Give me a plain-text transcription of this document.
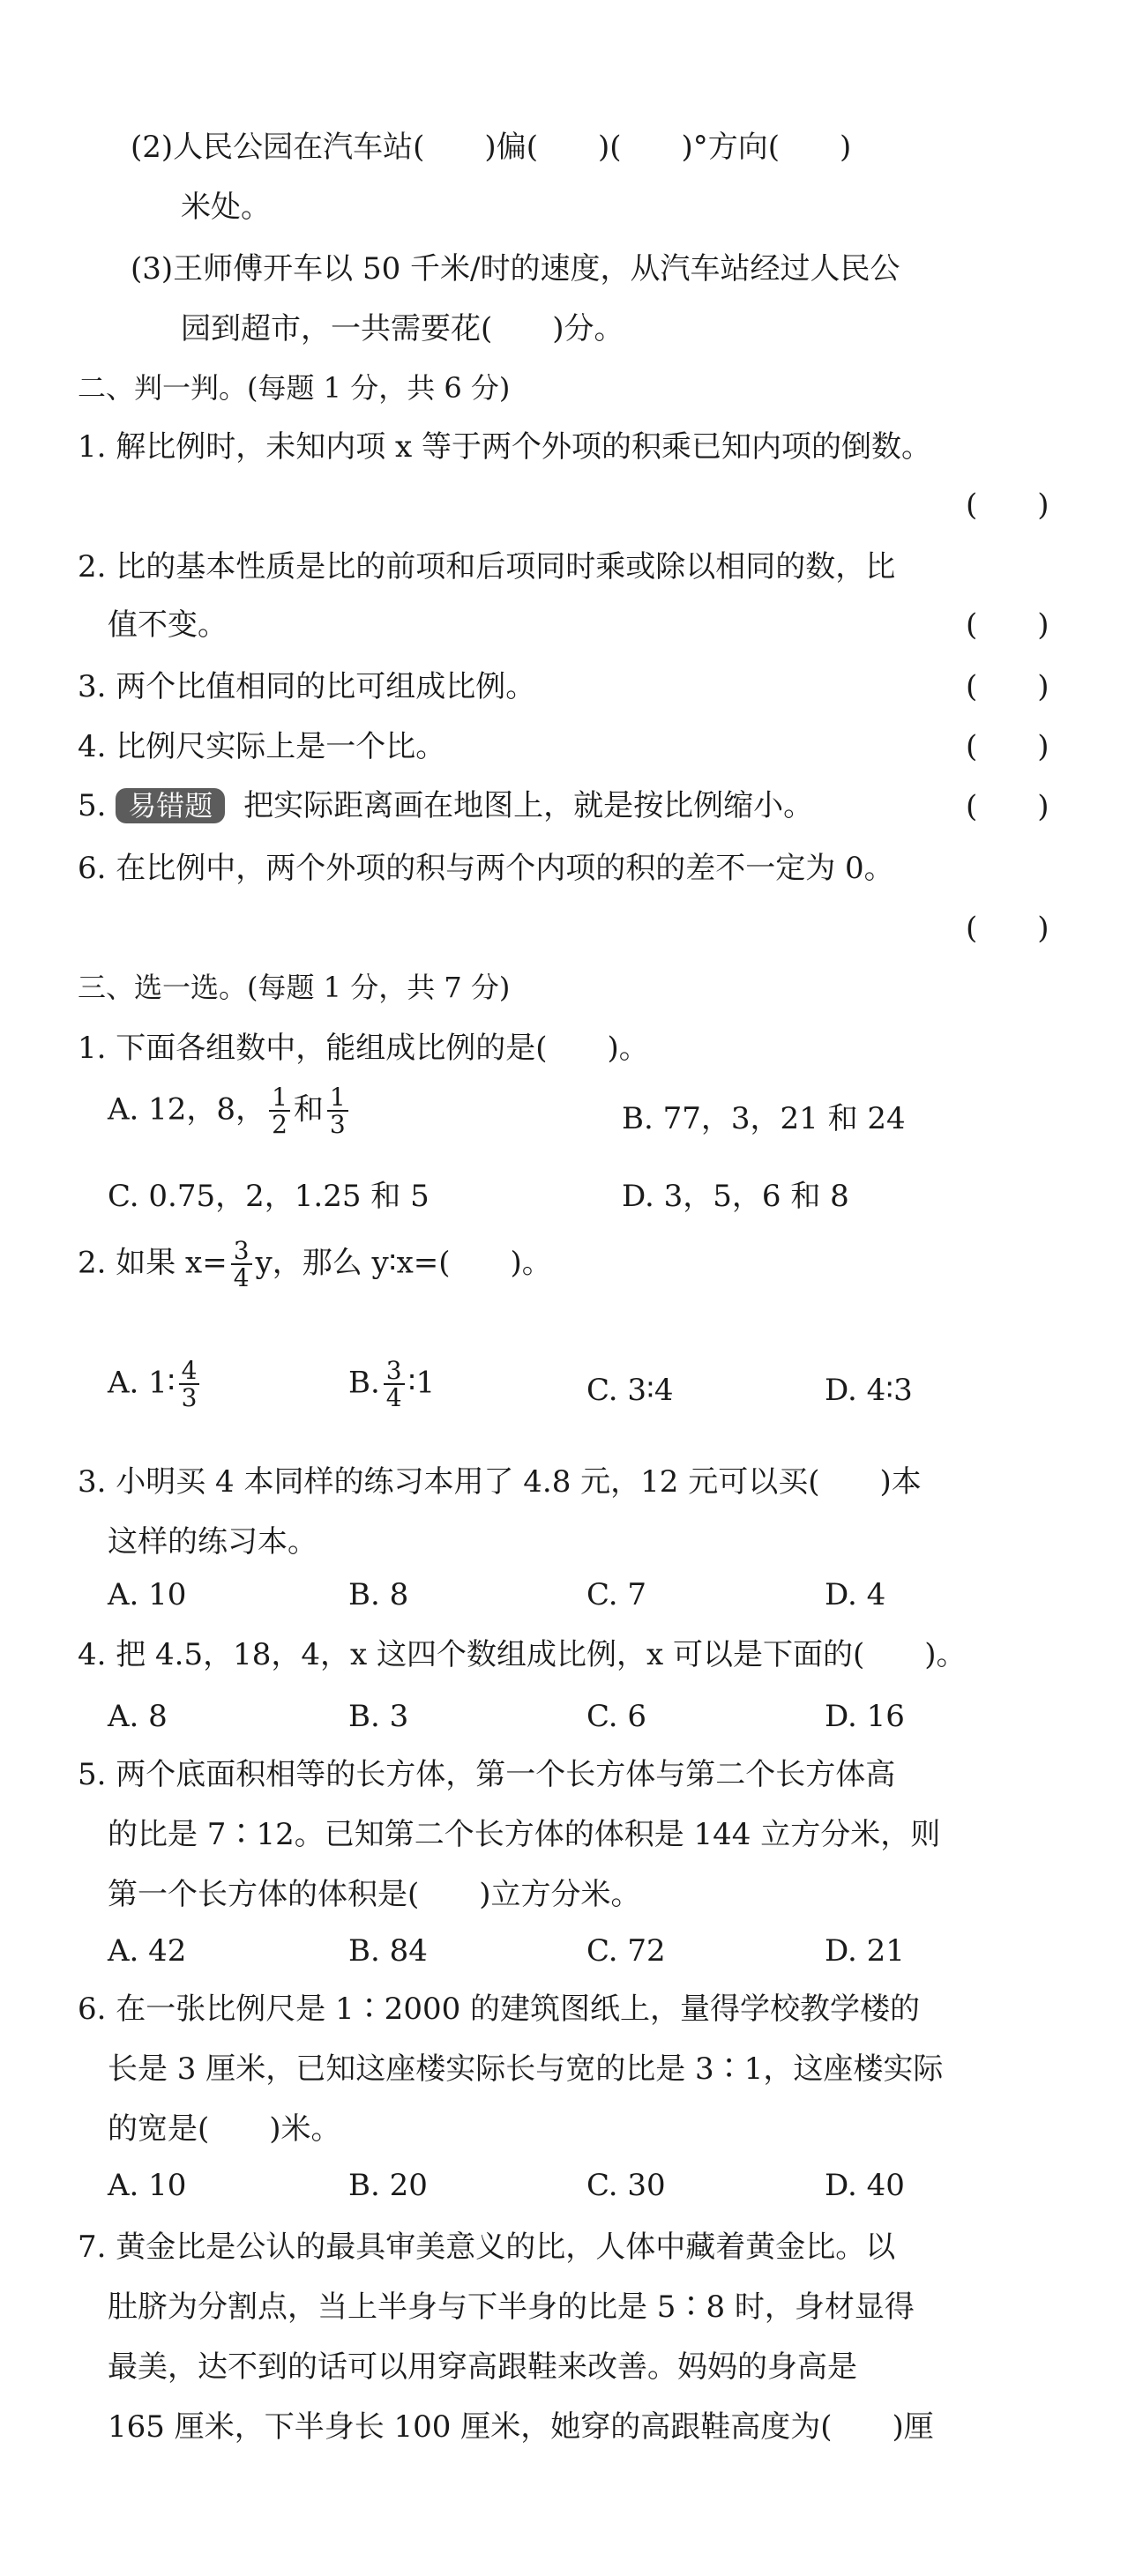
(2)人民公园在汽车站(　　)偏(　　)(　　)°方向(　　)
米处。
(3)王师傅开车以 50 千米/时的速度，从汽车站经过人民公
园到超市，一共需要花(　　)分。
二、判一判。(每题 1 分，共 6 分)
1. 解比例时，未知内项 x 等于两个外项的积乘已知内项的倒数。
(　　)
2. 比的基本性质是比的前项和后项同时乘或除以相同的数，比
值不变。	(　　)
3. 两个比值相同的比可组成比例。	(　　)
4. 比例尺实际上是一个比。	(　　)
5. 易错题 把实际距离画在地图上，就是按比例缩小。	(　　)
6. 在比例中，两个外项的积与两个内项的积的差不一定为 0。
(　　)
三、选一选。(每题 1 分，共 7 分)
1. 下面各组数中，能组成比例的是(　　)。
A. 12，8， $\frac{1}{2}$ 和 $\frac{1}{3}$	B. 77，3，21 和 24
C. 0.75，2，1.25 和 5	D. 3，5，6 和 8
2. 如果 $x= \frac{3}{4}$ y，那么 y∶x=(　　)。
A. 1∶ $\frac{4}{3}$	B. $\frac{3}{4}$ ∶1	C. 3∶4	D. 4∶3
3. 小明买 4 本同样的练习本用了 4.8 元，12 元可以买(　　)本
这样的练习本。
A. 10	B. 8	C. 7	D. 4
4. 把 4.5，18，4，x 这四个数组成比例，x 可以是下面的(　　)。
A. 8	B. 3	C. 6	D. 16
5. 两个底面积相等的长方体，第一个长方体与第二个长方体高
的比是 7∶12。已知第二个长方体的体积是 144 立方分米，则
第一个长方体的体积是(　　)立方分米。
A. 42	B. 84	C. 72	D. 21
6. 在一张比例尺是 1∶2000 的建筑图纸上，量得学校教学楼的
长是 3 厘米，已知这座楼实际长与宽的比是 3∶1，这座楼实际
的宽是(　　)米。
A. 10	B. 20	C. 30	D. 40
7. 黄金比是公认的最具审美意义的比，人体中藏着黄金比。以
肚脐为分割点，当上半身与下半身的比是 5∶8 时，身材显得
最美，达不到的话可以用穿高跟鞋来改善。妈妈的身高是
165 厘米，下半身长 100 厘米，她穿的高跟鞋高度为(　　)厘
